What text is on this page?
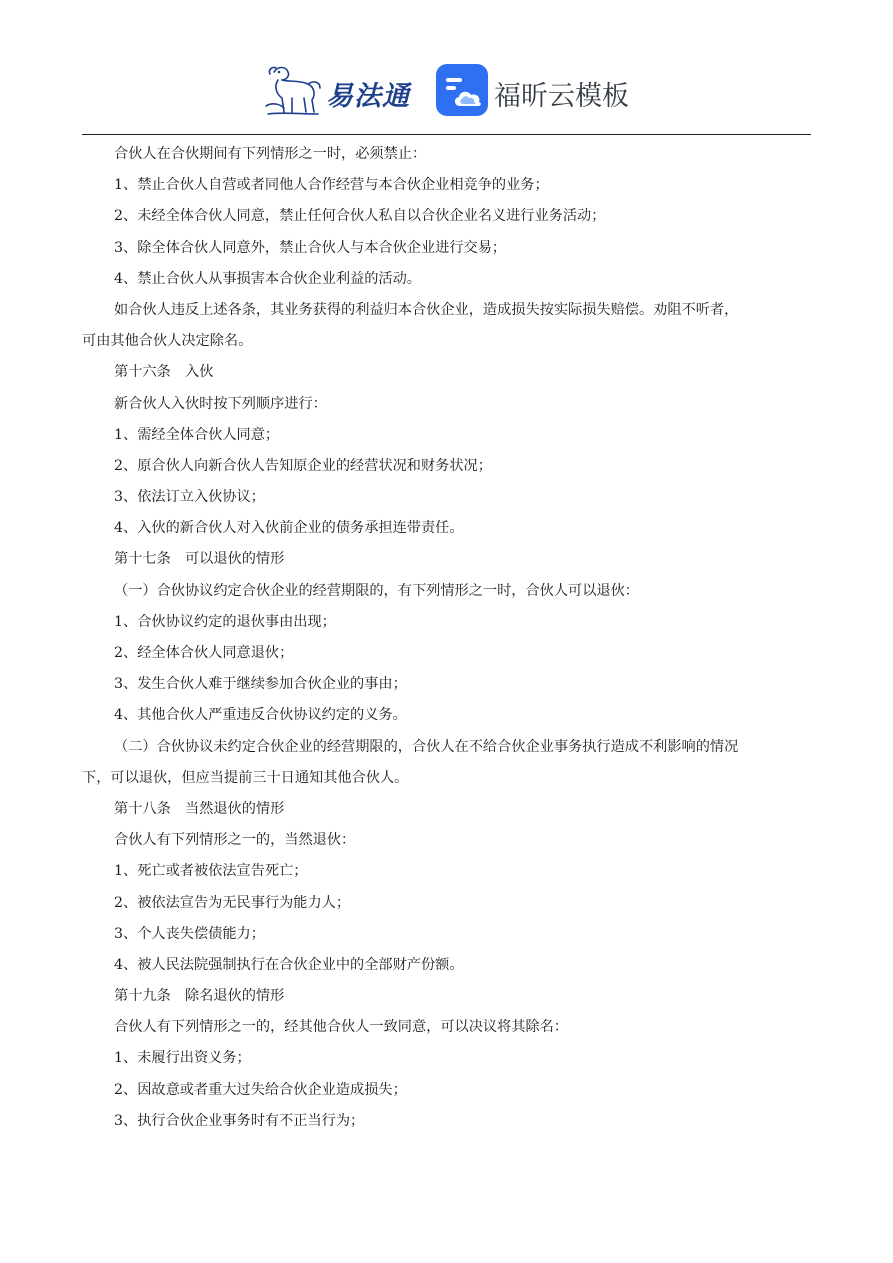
易法通	福昕云模板
合伙人在合伙期间有下列情形之一时，必须禁止：
1、禁止合伙人自营或者同他人合作经营与本合伙企业相竞争的业务；
2、未经全体合伙人同意，禁止任何合伙人私自以合伙企业名义进行业务活动；
3、除全体合伙人同意外，禁止合伙人与本合伙企业进行交易；
4、禁止合伙人从事损害本合伙企业利益的活动。
如合伙人违反上述各条，其业务获得的利益归本合伙企业，造成损失按实际损失赔偿。劝阻不听者，
可由其他合伙人决定除名。
第十六条　入伙
新合伙人入伙时按下列顺序进行：
1、需经全体合伙人同意；
2、原合伙人向新合伙人告知原企业的经营状况和财务状况；
3、依法订立入伙协议；
4、入伙的新合伙人对入伙前企业的债务承担连带责任。
第十七条　可以退伙的情形
（一）合伙协议约定合伙企业的经营期限的，有下列情形之一时，合伙人可以退伙：
1、合伙协议约定的退伙事由出现；
2、经全体合伙人同意退伙；
3、发生合伙人难于继续参加合伙企业的事由；
4、其他合伙人严重违反合伙协议约定的义务。
（二）合伙协议未约定合伙企业的经营期限的，合伙人在不给合伙企业事务执行造成不利影响的情况
下，可以退伙，但应当提前三十日通知其他合伙人。
第十八条　当然退伙的情形
合伙人有下列情形之一的，当然退伙：
1、死亡或者被依法宣告死亡；
2、被依法宣告为无民事行为能力人；
3、个人丧失偿债能力；
4、被人民法院强制执行在合伙企业中的全部财产份额。
第十九条　除名退伙的情形
合伙人有下列情形之一的，经其他合伙人一致同意，可以决议将其除名：
1、未履行出资义务；
2、因故意或者重大过失给合伙企业造成损失；
3、执行合伙企业事务时有不正当行为；
